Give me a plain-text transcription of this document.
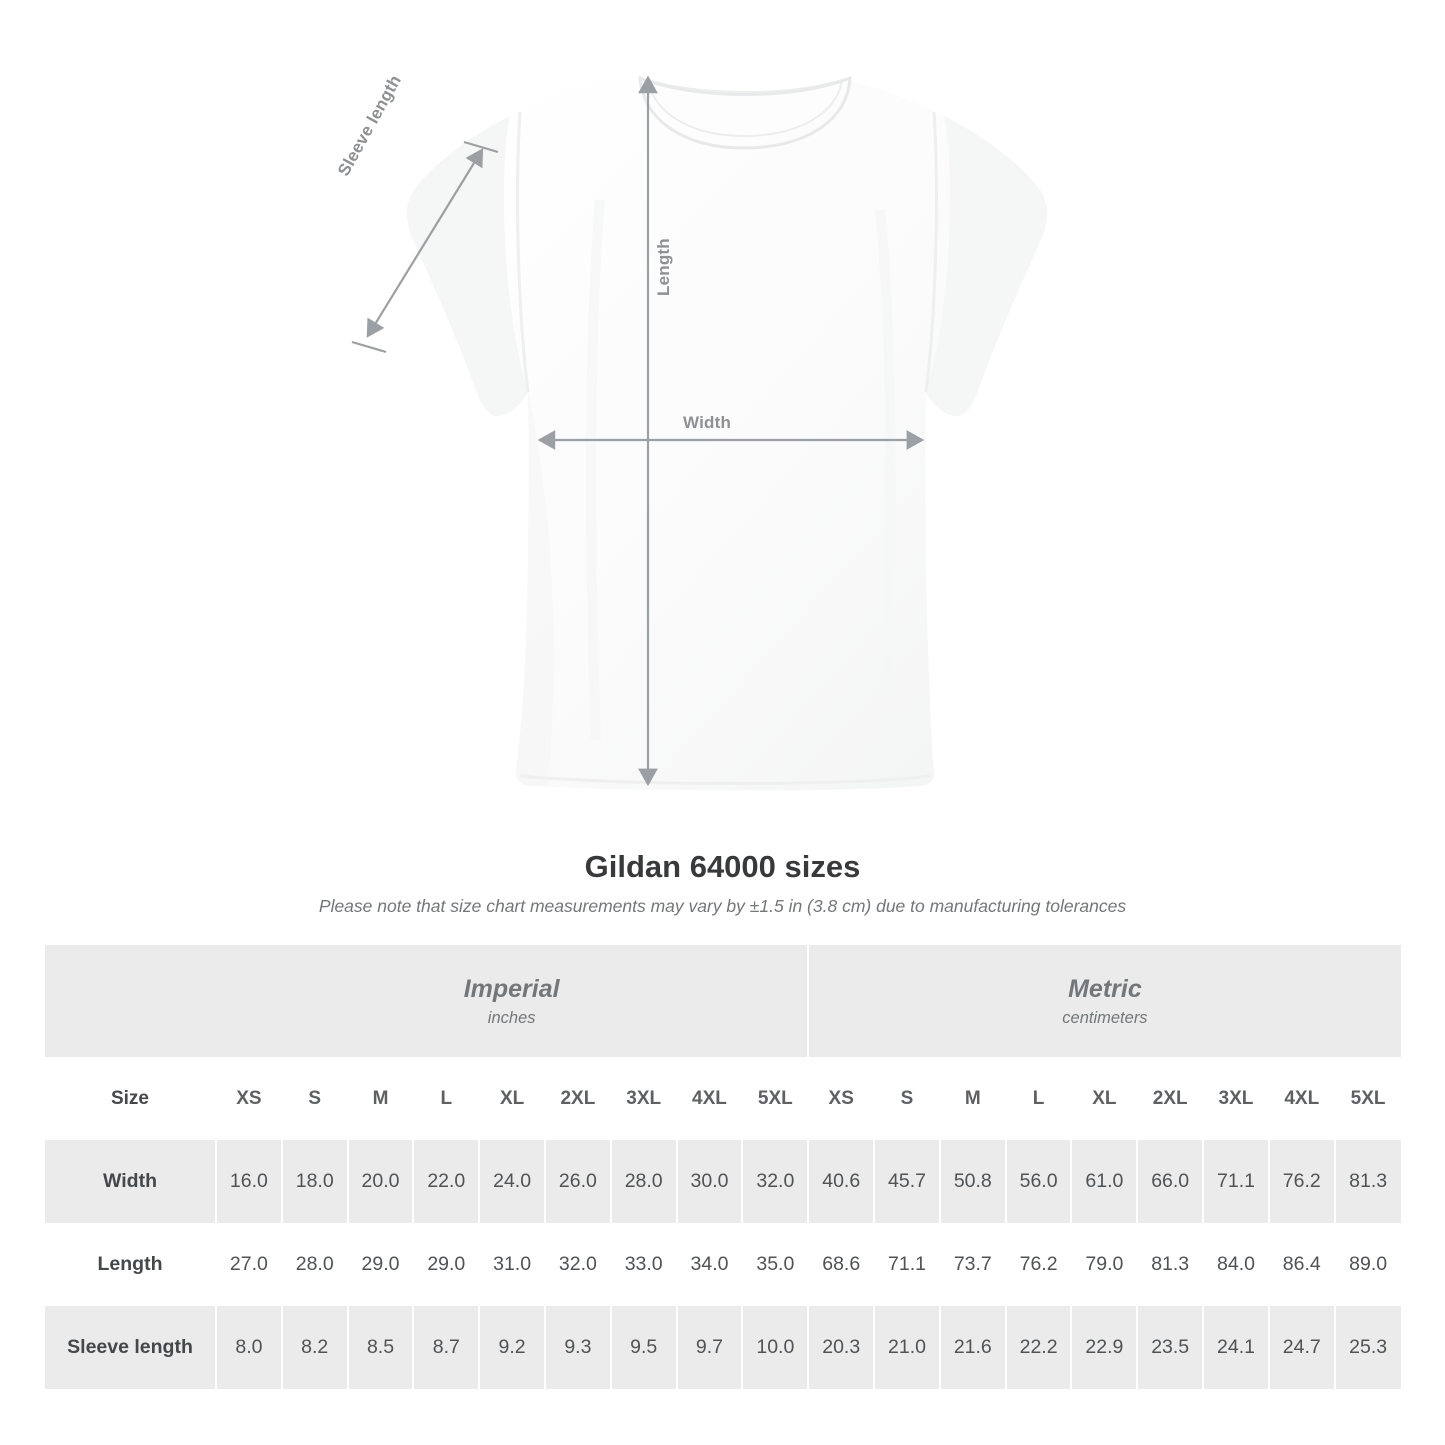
Sleeve length
Length
Width
Gildan 64000 sizes
Please note that size chart measurements may vary by ±1.5 in (3.8 cm) due to manufacturing tolerances

Imperial
inches

Metric
centimeters

Size	XS	S	M	L	XL	2XL	3XL	4XL	5XL	XS	S	M	L	XL	2XL	3XL	4XL	5XL
Width	16.0	18.0	20.0	22.0	24.0	26.0	28.0	30.0	32.0	40.6	45.7	50.8	56.0	61.0	66.0	71.1	76.2	81.3
Length	27.0	28.0	29.0	29.0	31.0	32.0	33.0	34.0	35.0	68.6	71.1	73.7	76.2	79.0	81.3	84.0	86.4	89.0
Sleeve length	8.0	8.2	8.5	8.7	9.2	9.3	9.5	9.7	10.0	20.3	21.0	21.6	22.2	22.9	23.5	24.1	24.7	25.3
